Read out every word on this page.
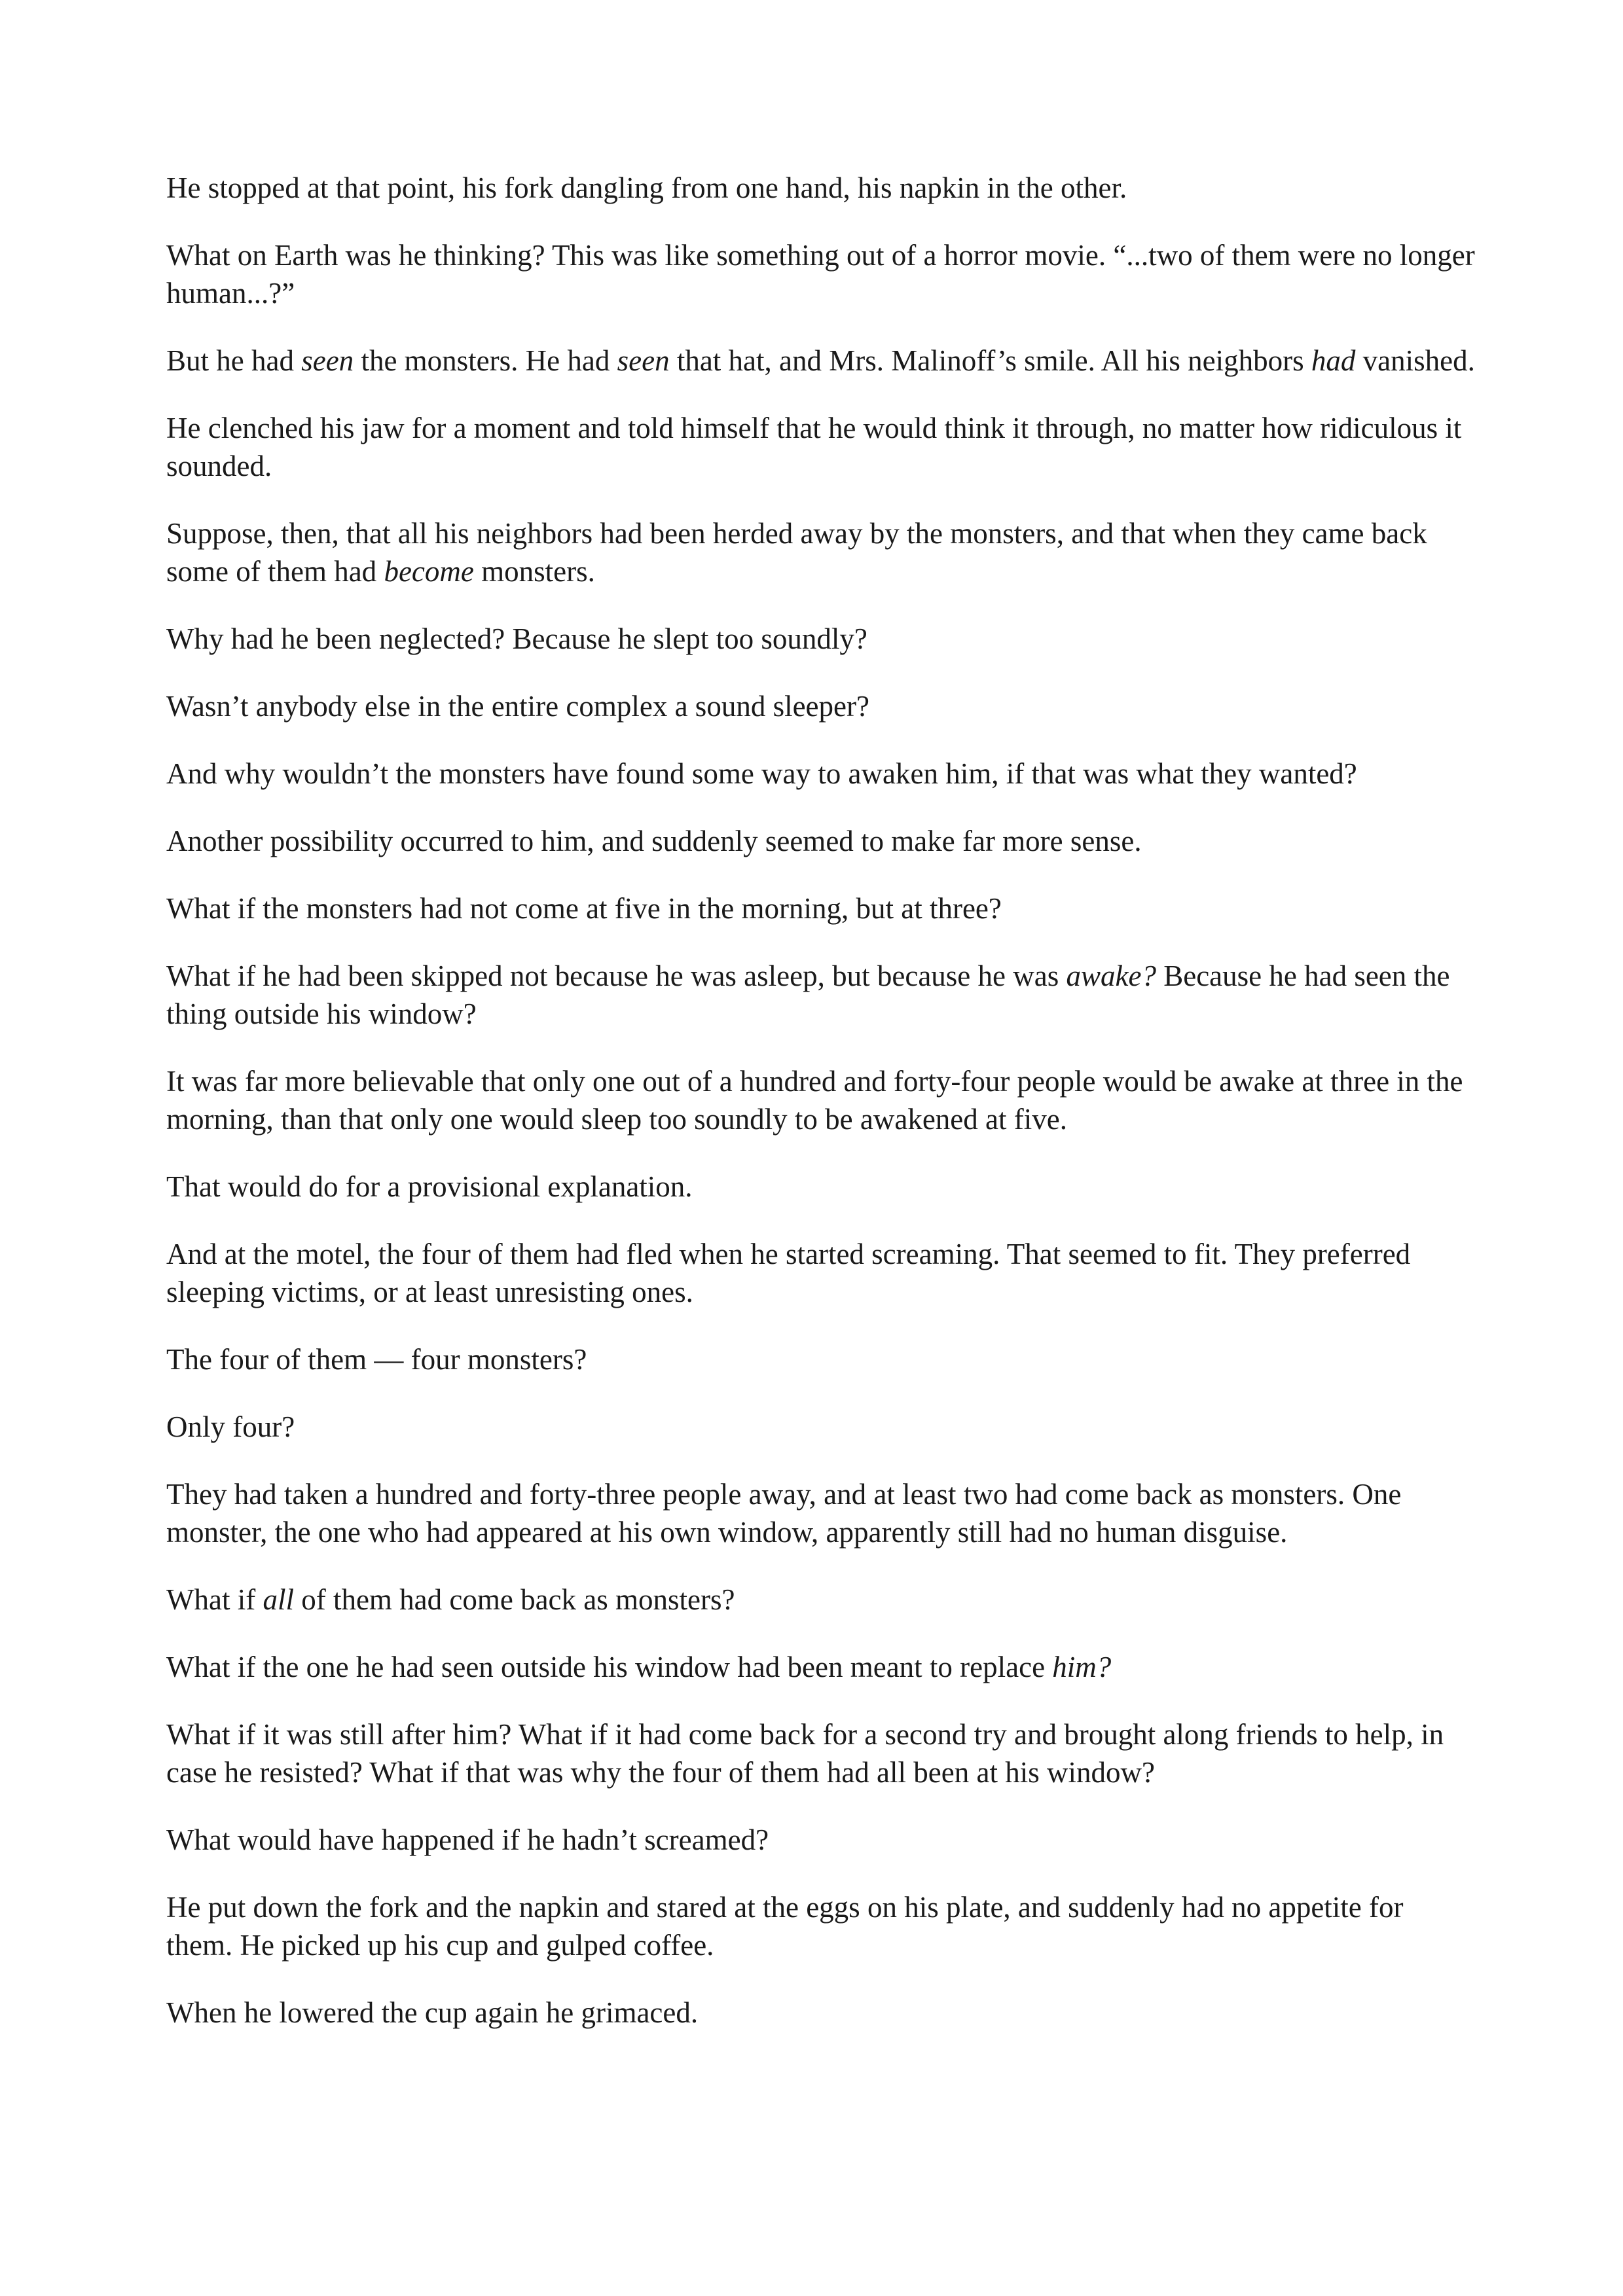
He stopped at that point, his fork dangling from one hand, his napkin in the other.

What on Earth was he thinking? This was like something out of a horror movie. “...two of them were no longer human...?”

But he had seen the monsters. He had seen that hat, and Mrs. Malinoff’s smile. All his neighbors had vanished.

He clenched his jaw for a moment and told himself that he would think it through, no matter how ridiculous it sounded.

Suppose, then, that all his neighbors had been herded away by the monsters, and that when they came back some of them had become monsters.

Why had he been neglected? Because he slept too soundly?

Wasn’t anybody else in the entire complex a sound sleeper?

And why wouldn’t the monsters have found some way to awaken him, if that was what they wanted?

Another possibility occurred to him, and suddenly seemed to make far more sense.

What if the monsters had not come at five in the morning, but at three?

What if he had been skipped not because he was asleep, but because he was awake? Because he had seen the thing outside his window?

It was far more believable that only one out of a hundred and forty-four people would be awake at three in the morning, than that only one would sleep too soundly to be awakened at five.

That would do for a provisional explanation.

And at the motel, the four of them had fled when he started screaming. That seemed to fit. They preferred sleeping victims, or at least unresisting ones.

The four of them — four monsters?

Only four?

They had taken a hundred and forty-three people away, and at least two had come back as monsters. One monster, the one who had appeared at his own window, apparently still had no human disguise.

What if all of them had come back as monsters?

What if the one he had seen outside his window had been meant to replace him?

What if it was still after him? What if it had come back for a second try and brought along friends to help, in case he resisted? What if that was why the four of them had all been at his window?

What would have happened if he hadn’t screamed?

He put down the fork and the napkin and stared at the eggs on his plate, and suddenly had no appetite for them. He picked up his cup and gulped coffee.

When he lowered the cup again he grimaced.
